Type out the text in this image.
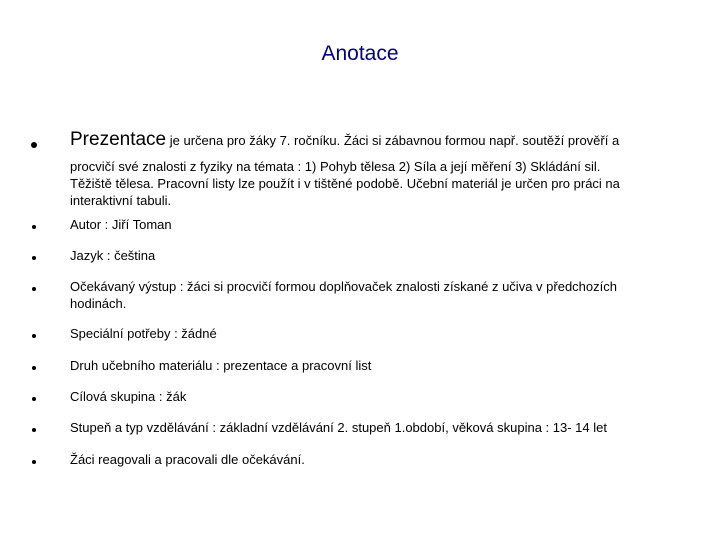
Anotace
Prezentace je určena pro žáky 7. ročníku. Žáci si zábavnou formou např. soutěží prověří a
procvičí své znalosti z fyziky na témata : 1) Pohyb tělesa 2) Síla a její měření 3) Skládání sil.
Těžiště tělesa. Pracovní listy lze použít i v tištěné podobě. Učební materiál je určen pro práci na
interaktivní tabuli.
Autor : Jiří Toman
Jazyk : čeština
Očekávaný výstup : žáci si procvičí formou doplňovaček znalosti získané z učiva v předchozích
hodinách.
Speciální potřeby : žádné
Druh učebního materiálu : prezentace a pracovní list
Cílová skupina : žák
Stupeň a typ vzdělávání : základní vzdělávání 2. stupeň 1.období, věková skupina : 13- 14 let
Žáci reagovali a pracovali dle očekávání.
